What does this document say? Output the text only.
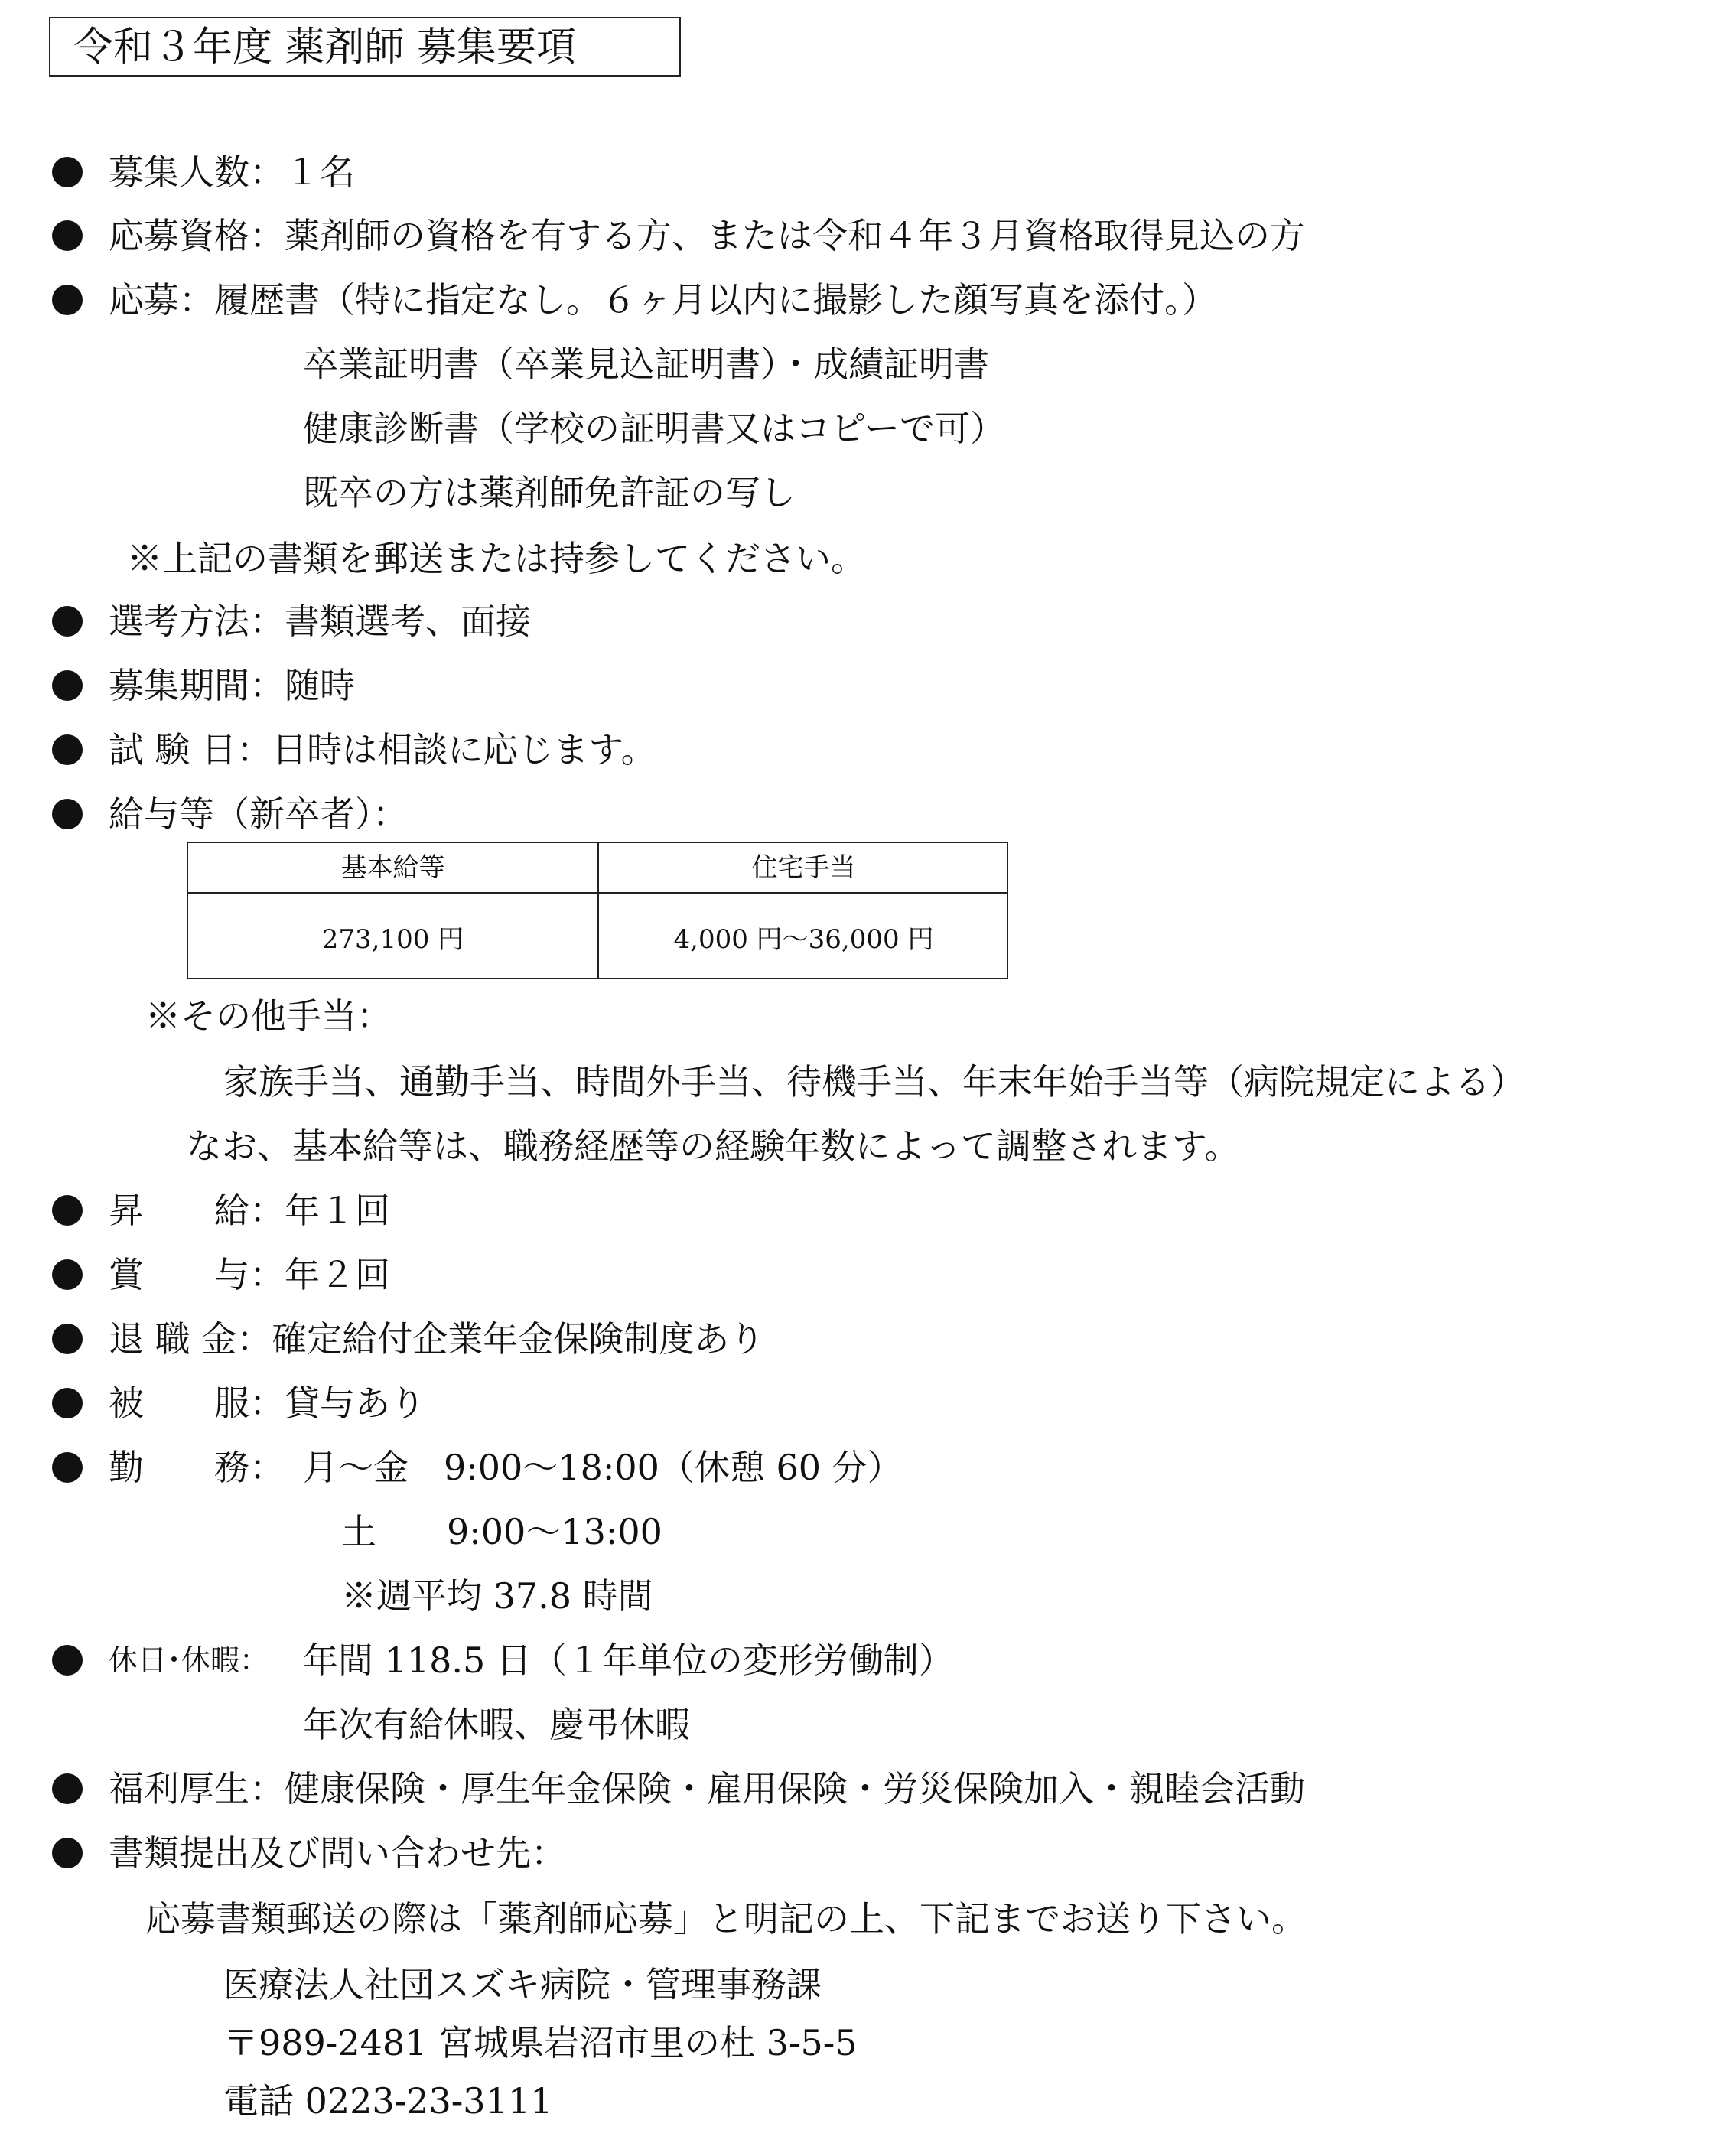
令和３年度 薬剤師 募集要項
募集人数：１名
応募資格：薬剤師の資格を有する方、または令和４年３月資格取得見込の方
応募：履歴書（特に指定なし。６ヶ月以内に撮影した顔写真を添付。）
卒業証明書（卒業見込証明書）・成績証明書
健康診断書（学校の証明書又はコピーで可）
既卒の方は薬剤師免許証の写し
※上記の書類を郵送または持参してください。
選考方法：書類選考、面接
募集期間：随時
試 験 日：日時は相談に応じます。
給与等（新卒者）：
基本給等	住宅手当
273,100 円	4,000 円～36,000 円
※その他手当：
家族手当、通勤手当、時間外手当、待機手当、年末年始手当等（病院規定による）
なお、基本給等は、職務経歴等の経験年数によって調整されます。
昇　　給：年１回
賞　　与：年２回
退 職 金：確定給付企業年金保険制度あり
被　　服：貸与あり
勤　　務： 月～金　9:00～18:00（休憩 60 分）
土　　9:00～13:00
※週平均 37.8 時間
休日･休暇： 年間 118.5 日（１年単位の変形労働制）
年次有給休暇、慶弔休暇
福利厚生：健康保険・厚生年金保険・雇用保険・労災保険加入・親睦会活動
書類提出及び問い合わせ先：
応募書類郵送の際は「薬剤師応募」と明記の上、下記までお送り下さい。
医療法人社団スズキ病院・管理事務課
〒989-2481 宮城県岩沼市里の杜 3-5-5
電話 0223-23-3111
